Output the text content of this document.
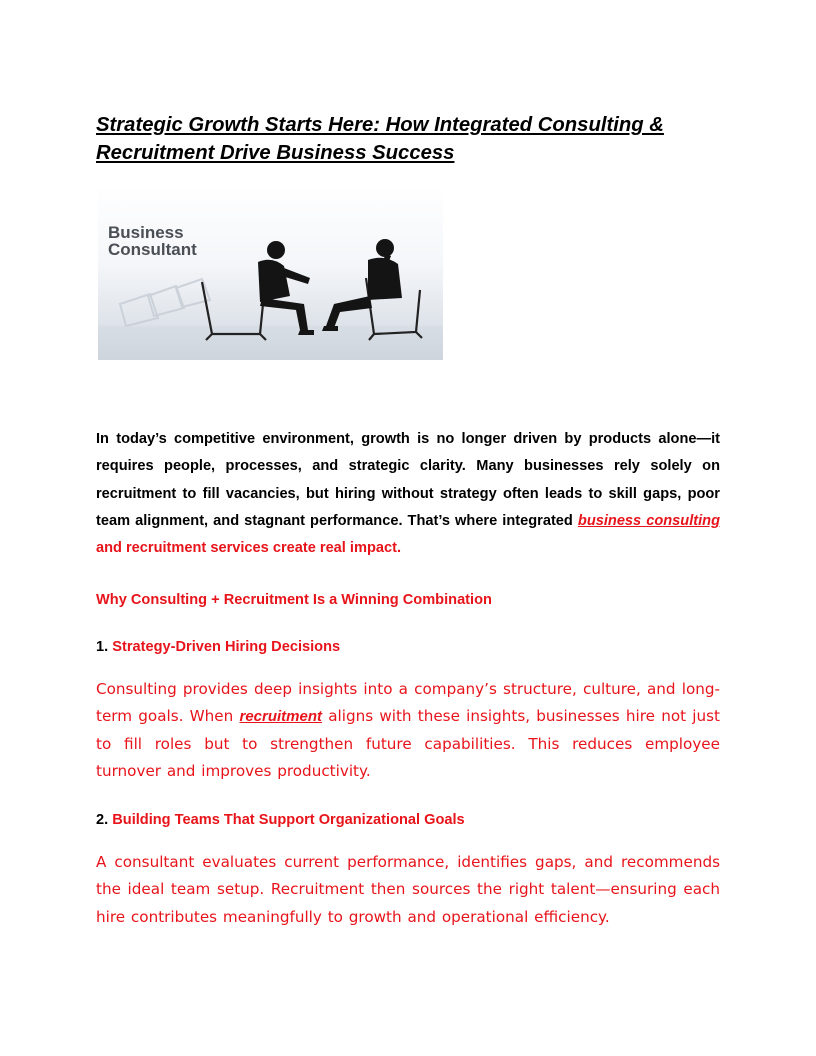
Strategic Growth Starts Here: How Integrated Consulting & Recruitment Drive Business Success
Business
Consultant

In today’s competitive environment, growth is no longer driven by products alone—it requires people, processes, and strategic clarity. Many businesses rely solely on recruitment to fill vacancies, but hiring without strategy often leads to skill gaps, poor team alignment, and stagnant performance. That’s where integrated business consulting and recruitment services create real impact.

Why Consulting + Recruitment Is a Winning Combination
1. Strategy-Driven Hiring Decisions

Consulting provides deep insights into a company’s structure, culture, and long-term goals. When recruitment aligns with these insights, businesses hire not just to fill roles but to strengthen future capabilities. This reduces employee turnover and improves productivity.

2. Building Teams That Support Organizational Goals

A consultant evaluates current performance, identifies gaps, and recommends the ideal team setup. Recruitment then sources the right talent—ensuring each hire contributes meaningfully to growth and operational efficiency.
